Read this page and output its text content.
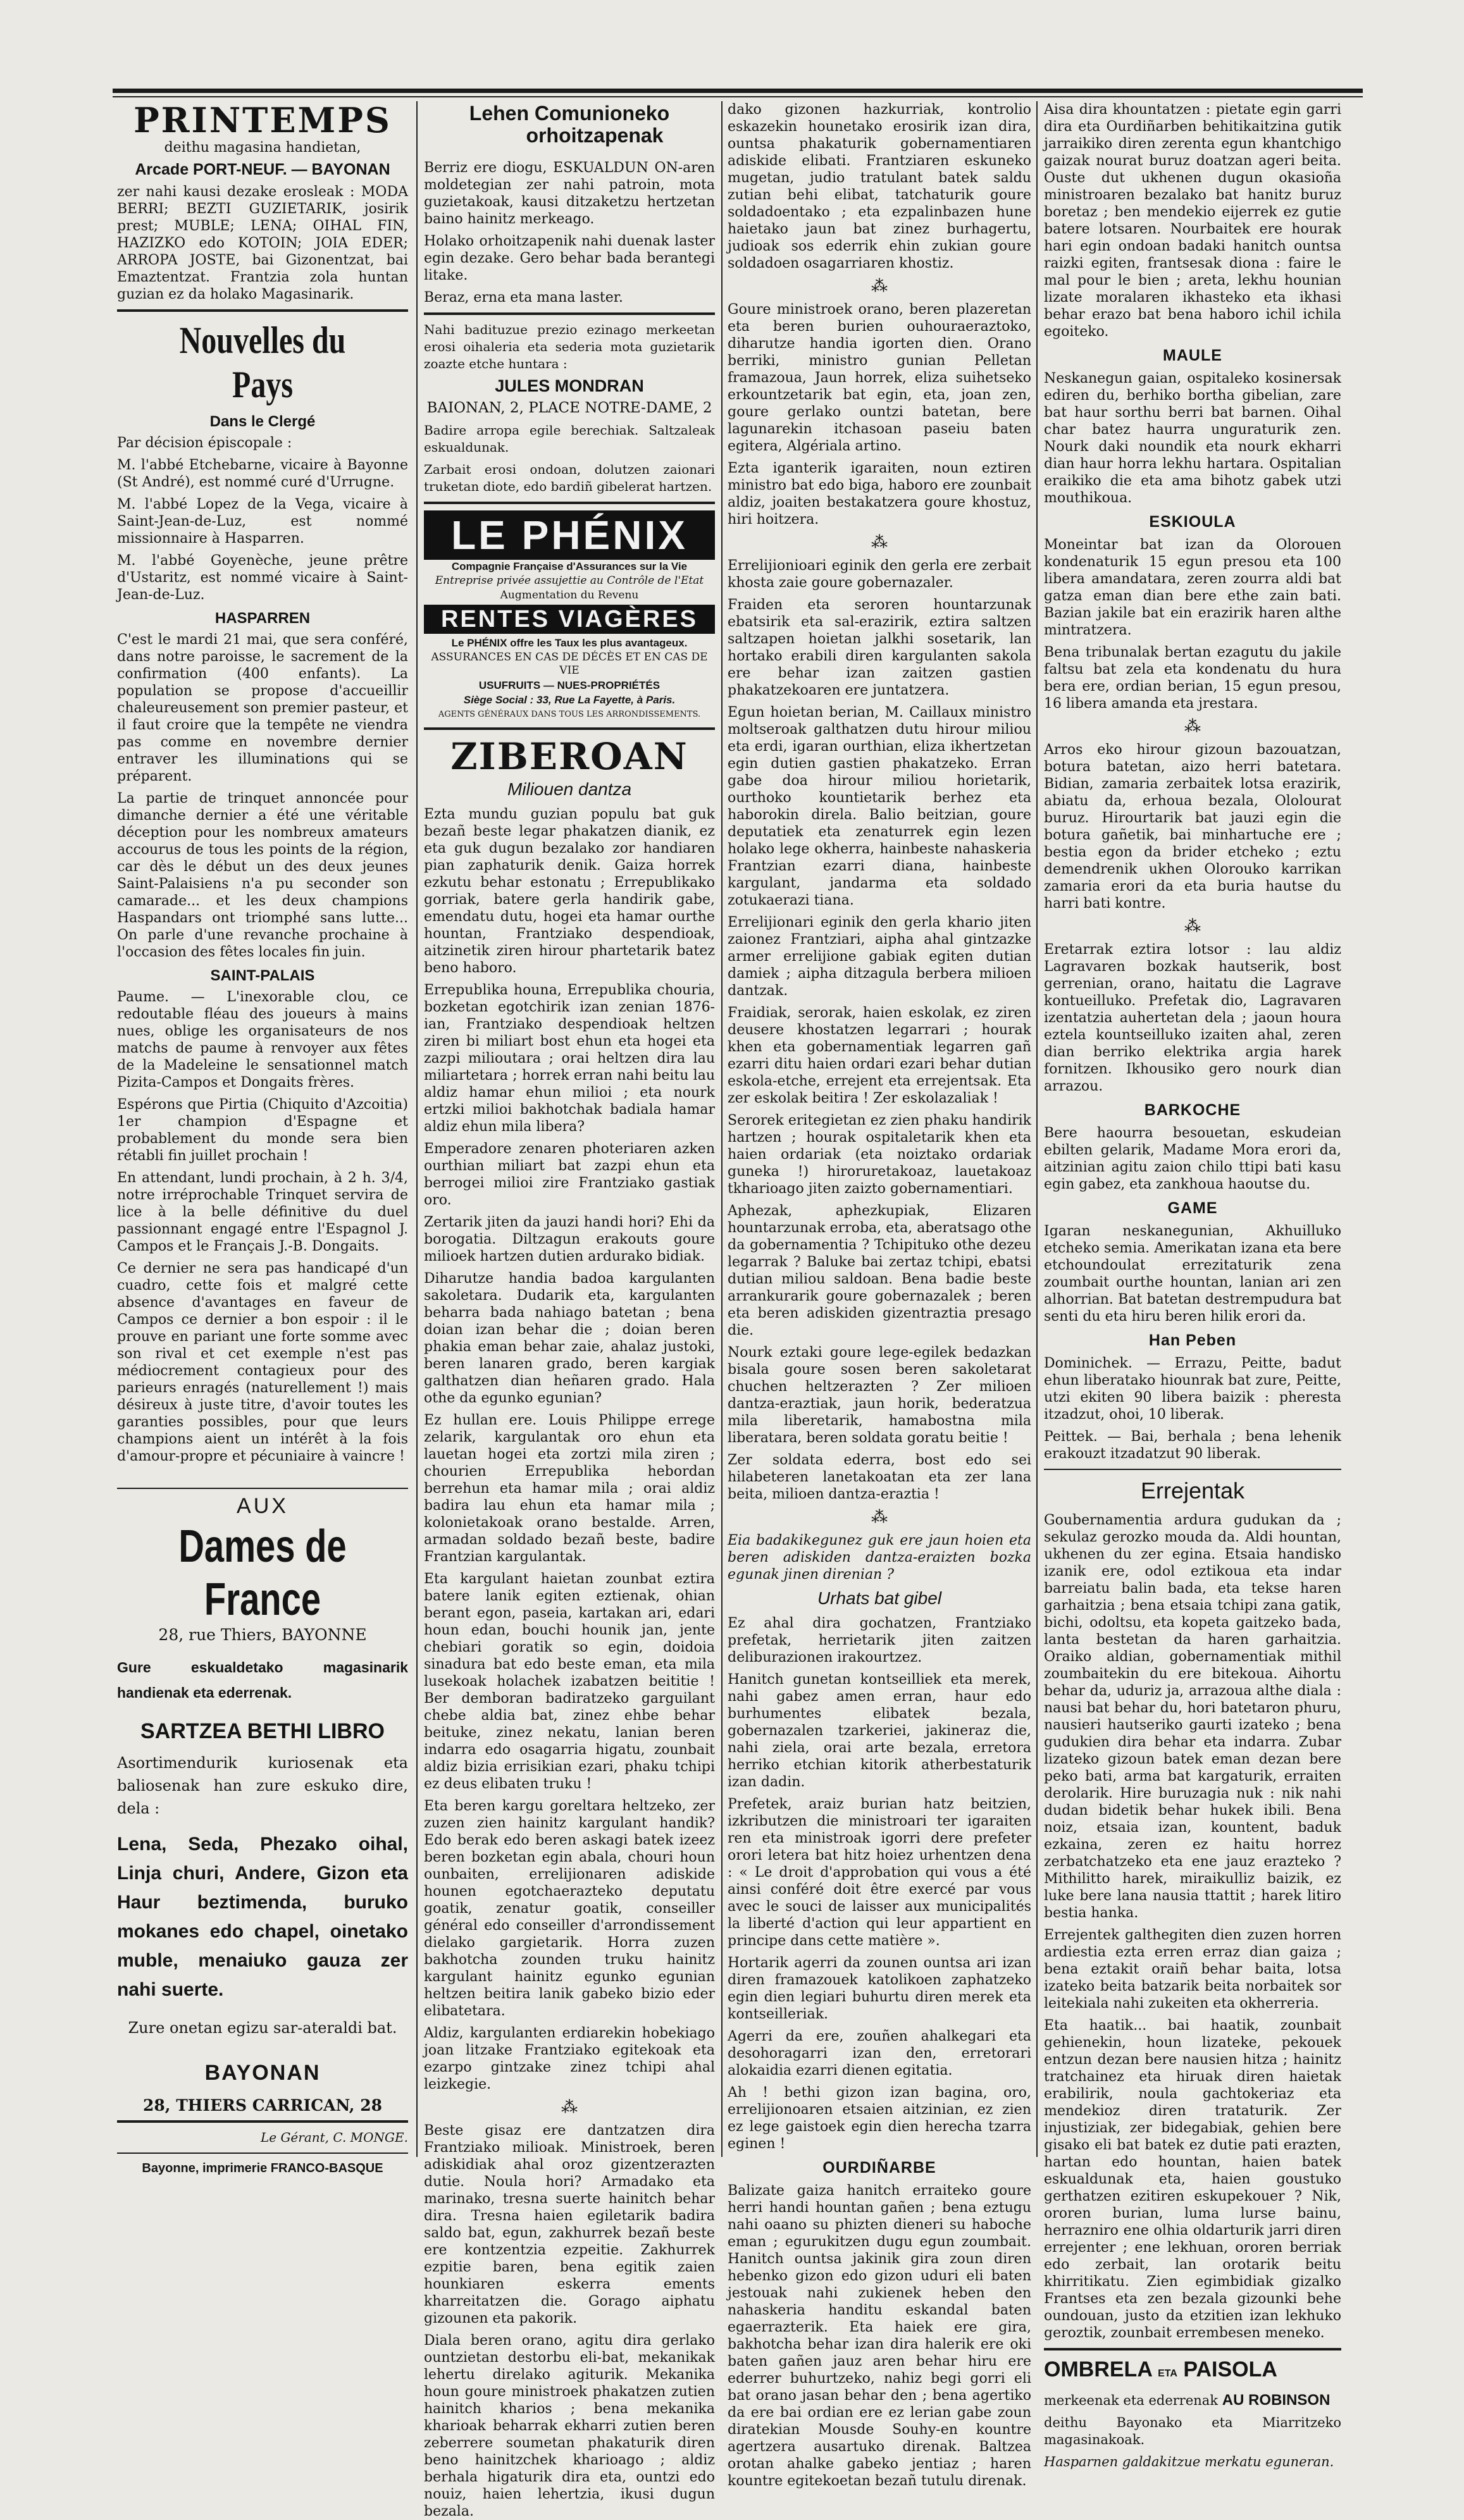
PRINTEMPS

deithu magasina handietan,

Arcade PORT-NEUF. — BAYONAN

zer nahi kausi dezake erosleak : MODA BERRI; BEZTI GUZIETARIK, josirik prest; MUBLE; LENA; OIHAL FIN, HAZIZKO edo KOTOIN; JOIA EDER; ARROPA JOSTE, bai Gizonentzat, bai Emaztentzat. Frantzia zola huntan guzian ez da holako Magasinarik.

Nouvelles du Pays
Dans le Clergé

Par décision épiscopale :

M. l'abbé Etchebarne, vicaire à Bayonne (St André), est nommé curé d'Urrugne.

M. l'abbé Lopez de la Vega, vicaire à Saint-Jean-de-Luz, est nommé missionnaire à Hasparren.

M. l'abbé Goyenèche, jeune prêtre d'Ustaritz, est nommé vicaire à Saint-Jean-de-Luz.

HASPARREN

C'est le mardi 21 mai, que sera conféré, dans notre paroisse, le sacrement de la confirmation (400 enfants). La population se propose d'accueillir chaleureusement son premier pasteur, et il faut croire que la tempête ne viendra pas comme en novembre dernier entraver les illuminations qui se préparent.

La partie de trinquet annoncée pour dimanche dernier a été une véritable déception pour les nombreux amateurs accourus de tous les points de la région, car dès le début un des deux jeunes Saint-Palaisiens n'a pu seconder son camarade... et les deux champions Haspandars ont triomphé sans lutte... On parle d'une revanche prochaine à l'occasion des fêtes locales fin juin.

SAINT-PALAIS

Paume. — L'inexorable clou, ce redoutable fléau des joueurs à mains nues, oblige les organisateurs de nos matchs de paume à renvoyer aux fêtes de la Madeleine le sensationnel match Pizita-Campos et Dongaits frères.

Espérons que Pirtia (Chiquito d'Azcoitia) 1er champion d'Espagne et probablement du monde sera bien rétabli fin juillet prochain !

En attendant, lundi prochain, à 2 h. 3/4, notre irréprochable Trinquet servira de lice à la belle définitive du duel passionnant engagé entre l'Espagnol J. Campos et le Français J.-B. Dongaits.

Ce dernier ne sera pas handicapé d'un cuadro, cette fois et malgré cette absence d'avantages en faveur de Campos ce dernier a bon espoir : il le prouve en pariant une forte somme avec son rival et cet exemple n'est pas médiocrement contagieux pour des parieurs enragés (naturellement !) mais désireux à juste titre, d'avoir toutes les garanties possibles, pour que leurs champions aient un intérêt à la fois d'amour-propre et pécuniaire à vaincre !

AUX

Dames de France

28, rue Thiers, BAYONNE

Gure eskualdetako magasinarik handienak eta ederrenak.

SARTZEA BETHI LIBRO

Asortimendurik kuriosenak eta baliosenak han zure eskuko dire, dela :

Lena, Seda, Phezako oihal, Linja churi, Andere, Gizon eta Haur beztimenda, buruko mokanes edo chapel, oinetako muble, menaiuko gauza zer nahi suerte.

Zure onetan egizu sar-ateraldi bat.

BAYONAN

28, THIERS CARRICAN, 28

Le Gérant, C. MONGE.

Bayonne, imprimerie FRANCO-BASQUE

Lehen Comunioneko

orhoitzapenak

Berriz ere diogu, ESKUALDUN ON-aren moldetegian zer nahi patroin, mota guzietakoak, kausi ditzaketzu hertzetan baino hainitz merkeago.

Holako orhoitzapenik nahi duenak laster egin dezake. Gero behar bada berantegi litake.

Beraz, erna eta mana laster.

Nahi badituzue prezio ezinago merkeetan erosi oihaleria eta sederia mota guzietarik zoazte etche huntara :

JULES MONDRAN

BAIONAN, 2, PLACE NOTRE-DAME, 2

Badire arropa egile berechiak. Saltzaleak eskualdunak.

Zarbait erosi ondoan, dolutzen zaionari truketan diote, edo bardiñ gibelerat hartzen.

LE PHÉNIX

Compagnie Française d'Assurances sur la Vie

Entreprise privée assujettie au Contrôle de l'Etat

Augmentation du Revenu

RENTES VIAGÈRES

Le PHÉNIX offre les Taux les plus avantageux.

ASSURANCES EN CAS DE DÉCÈS ET EN CAS DE VIE

USUFRUITS — NUES-PROPRIÉTÉS

Siège Social : 33, Rue La Fayette, à Paris.

AGENTS GÉNÉRAUX DANS TOUS LES ARRONDISSEMENTS.

ZIBEROAN
Miliouen dantza

Ezta mundu guzian populu bat guk bezañ beste legar phakatzen dianik, ez eta guk dugun bezalako zor handiaren pian zaphaturik denik. Gaiza horrek ezkutu behar estonatu ; Errepublikako gorriak, batere gerla handirik gabe, emendatu dutu, hogei eta hamar ourthe hountan, Frantziako despendioak, aitzinetik ziren hirour phartetarik batez beno haboro.

Errepublika houna, Errepublika chouria, bozketan egotchirik izan zenian 1876-ian, Frantziako despendioak heltzen ziren bi miliart bost ehun eta hogei eta zazpi milioutara ; orai heltzen dira lau miliartetara ; horrek erran nahi beitu lau aldiz hamar ehun milioi ; eta nourk ertzki milioi bakhotchak badiala hamar aldiz ehun mila libera?

Emperadore zenaren photeriaren azken ourthian miliart bat zazpi ehun eta berrogei milioi zire Frantziako gastiak oro.

Zertarik jiten da jauzi handi hori? Ehi da borogatia. Diltzagun erakouts goure milioek hartzen dutien ardurako bidiak.

Diharutze handia badoa kargulanten sakoletara. Dudarik eta, kargulanten beharra bada nahiago batetan ; bena doian izan behar die ; doian beren phakia eman behar zaie, ahalaz justoki, beren lanaren grado, beren kargiak galthatzen dian heñaren grado. Hala othe da egunko egunian?

Ez hullan ere. Louis Philippe errege zelarik, kargulantak oro ehun eta lauetan hogei eta zortzi mila ziren ; chourien Errepublika hebordan berrehun eta hamar mila ; orai aldiz badira lau ehun eta hamar mila ; kolonietakoak orano bestalde. Arren, armadan soldado bezañ beste, badire Frantzian kargulantak.

Eta kargulant haietan zounbat eztira batere lanik egiten eztienak, ohian berant egon, paseia, kartakan ari, edari houn edan, bouchi hounik jan, jente chebiari goratik so egin, doidoia sinadura bat edo beste eman, eta mila lusekoak holachek izabatzen beititie ! Ber demboran badiratzeko garguilant chebe aldia bat, zinez ehbe behar beituke, zinez nekatu, lanian beren indarra edo osagarria higatu, zounbait aldiz bizia errisikian ezari, phaku tchipi ez deus elibaten truku !

Eta beren kargu goreltara heltzeko, zer zuzen zien hainitz kargulant handik? Edo berak edo beren askagi batek izeez beren bozketan egin abala, chouri houn ounbaiten, errelijionaren adiskide hounen egotchaerazteko deputatu goatik, zenatur goatik, conseiller général edo conseiller d'arrondissement dielako gargietarik. Horra zuzen bakhotcha zounden truku hainitz kargulant hainitz egunko egunian heltzen beitira lanik gabeko bizio eder elibatetara.

Aldiz, kargulanten erdiarekin hobekiago joan litzake Frantziako egitekoak eta ezarpo gintzake zinez tchipi ahal leizkegie.

⁂

Beste gisaz ere dantzatzen dira Frantziako milioak. Ministroek, beren adiskidiak ahal oroz gizentzerazten dutie. Noula hori? Armadako eta marinako, tresna suerte hainitch behar dira. Tresna haien egiletarik badira saldo bat, egun, zakhurrek bezañ beste ere kontzentzia ezpeitie. Zakhurrek ezpitie baren, bena egitik zaien hounkiaren eskerra ements kharreitatzen die. Gorago aiphatu gizounen eta pakorik.

Diala beren orano, agitu dira gerlako ountzietan destorbu eli-bat, mekanikak lehertu direlako agiturik. Mekanika houn goure ministroek phakatzen zutien hainitch kharios ; bena mekanika kharioak beharrak ekharri zutien beren zeberrere soumetan phakaturik diren beno hainitzchek kharioago ; aldiz berhala higaturik dira eta, ountzi edo nouiz, haien lehertzia, ikusi dugun bezala.

dako gizonen hazkurriak, kontrolio eskazekin hounetako erosirik izan dira, ountsa phakaturik gobernamentiaren adiskide elibati. Frantziaren eskuneko mugetan, judio tratulant batek saldu zutian behi elibat, tatchaturik goure soldadoentako ; eta ezpalinbazen hune haietako jaun bat zinez burhagertu, judioak sos ederrik ehin zukian goure soldadoen osagarriaren khostiz.

⁂

Goure ministroek orano, beren plazeretan eta beren burien ouhouraeraztoko, diharutze handia igorten dien. Orano berriki, ministro gunian Pelletan framazoua, Jaun horrek, eliza suihetseko erkountzetarik bat egin, eta, joan zen, goure gerlako ountzi batetan, bere lagunarekin itchasoan paseiu baten egitera, Algériala artino.

Ezta iganterik igaraiten, noun eztiren ministro bat edo biga, haboro ere zounbait aldiz, joaiten bestakatzera goure khostuz, hiri hoitzera.

⁂

Errelijionioari eginik den gerla ere zerbait khosta zaie goure gobernazaler.

Fraiden eta seroren hountarzunak ebatsirik eta sal-erazirik, eztira saltzen saltzapen hoietan jalkhi sosetarik, lan hortako erabili diren kargulanten sakola ere behar izan zaitzen gastien phakatzekoaren ere juntatzera.

Egun hoietan berian, M. Caillaux ministro moltseroak galthatzen dutu hirour miliou eta erdi, igaran ourthian, eliza ikhertzetan egin dutien gastien phakatzeko. Erran gabe doa hirour miliou horietarik, ourthoko kountietarik berhez eta haborokin direla. Balio beitzian, goure deputatiek eta zenaturrek egin lezen holako lege okherra, hainbeste nahaskeria Frantzian ezarri diana, hainbeste kargulant, jandarma eta soldado zotukaerazi tiana.

Errelijionari eginik den gerla khario jiten zaionez Frantziari, aipha ahal gintzazke armer errelijione gabiak egiten dutian damiek ; aipha ditzagula berbera milioen dantzak.

Fraidiak, serorak, haien eskolak, ez ziren deusere khostatzen legarrari ; hourak khen eta gobernamentiak legarren gañ ezarri ditu haien ordari ezari behar dutian eskola-etche, errejent eta errejentsak. Eta zer eskolak beitira ! Zer eskolazaliak !

Serorek eritegietan ez zien phaku handirik hartzen ; hourak ospitaletarik khen eta haien ordariak (eta noiztako ordariak guneka !) hiroruretakoaz, lauetakoaz tkharioago jiten zaiztο gobernamentiari.

Aphezak, aphezkupiak, Elizaren hountarzunak erroba, eta, aberatsago othe da gobernamentia ? Tchipituko othe dezeu legarrak ? Baluke bai zertaz tchipi, ebatsi dutian miliou saldoan. Bena badie beste arrankurarik goure gobernazalek ; beren eta beren adiskiden gizentraztia presago die.

Nourk eztaki goure lege-egilek bedazkan bisala goure sosen beren sakoletarat chuchen heltzerazten ? Zer milioen dantza-eraztiak, jaun horik, bederatzua mila liberetarik, hamabostna mila liberatara, beren soldata goratu beitie !

Zer soldata ederra, bost edo sei hilabeteren lanetakoatan eta zer lana beita, milioen dantza-eraztia !

⁂

Eia badakikegunez guk ere jaun hoien eta beren adiskiden dantza-eraizten bozka egunak jinen direnian ?

Urhats bat gibel

Ez ahal dira gochatzen, Frantziako prefetak, herrietarik jiten zaitzen deliburazionen irakourtzez.

Hanitch gunetan kontseilliek eta merek, nahi gabez amen erran, haur edo burhumentes elibatek bezala, gobernazalen tzarkeriei, jakineraz die, nahi ziela, orai arte bezala, erretora herriko etchian kitorik atherbestaturik izan dadin.

Prefetek, araiz burian hatz beitzien, izkributzen die ministroari ter igaraiten ren eta ministroak igorri dere prefeter orori letera bat hitz hoiez urhentzen dena : « Le droit d'approbation qui vous a été ainsi conféré doit être exercé par vous avec le souci de laisser aux municipalités la liberté d'action qui leur appartient en principe dans cette matière ».

Hortarik agerri da zounen ountsa ari izan diren framazouek katolikoen zaphatzeko egin dien legiari buhurtu diren merek eta kontseilleriak.

Agerri da ere, zouñen ahalkegari eta desohoragarri izan den, erretorari alokaidia ezarri dienen egitatia.

Ah ! bethi gizon izan bagina, oro, errelijionoaren etsaien aitzinian, ez zien ez lege gaistoek egin dien herecha tzarra eginen !

OURDIÑARBE

Balizate gaiza hanitch erraiteko goure herri handi hountan gañen ; bena eztugu nahi oaano su phizten dieneri su haboche eman ; egurukitzen dugu egun zoumbait. Hanitch ountsa jakinik gira zoun diren hebenko gizon edo gizon uduri eli baten jestouak nahi zukienek heben den nahaskeria handitu eskandal baten egaerrazterik. Eta haiek ere gira, bakhotcha behar izan dira halerik ere oki baten gañen jauz aren behar hiru ere ederrer buhurtzeko, nahiz begi gorri eli bat orano jasan behar den ; bena agertiko da ere bai ordian ere ez lerian gabe zoun diratekian Mousde Souhy-en kountre agertzera ausartuko direnak. Baltzea orotan ahalke gabeko jentiaz ; haren kountre egitekoetan bezañ tutulu direnak.

Aisa dira khountatzen : pietate egin garri dira eta Ourdiñarben behitikaitzina gutik jarraikiko diren zerenta egun khantchigo gaizak nourat buruz doatzan ageri beita. Ouste dut ukhenen dugun okasioña ministroaren bezalako bat hanitz buruz boretaz ; ben mendekio eijerrek ez gutie batere lotsaren. Nourbaitek ere hourak hari egin ondoan badaki hanitch ountsa raizki egiten, frantsesak diona : faire le mal pour le bien ; areta, lekhu hounian lizate moralaren ikhasteko eta ikhasi behar erazo bat bena haboro ichil ichila egoiteko.

MAULE

Neskanegun gaian, ospitaleko kosinersak ediren du, berhiko bortha gibelian, zare bat haur sorthu berri bat barnen. Oihal char batez haurra unguraturik zen. Nourk daki noundik eta nourk ekharri dian haur horra lekhu hartara. Ospitalian eraikiko die eta ama bihotz gabek utzi mouthikoua.

ESKIOULA

Moneintar bat izan da Olorouen kondenaturik 15 egun presou eta 100 libera amandatara, zeren zourra aldi bat gatza eman dian bere ethe zain bati. Bazian jakile bat ein erazirik haren althe mintratzera.

Bena tribunalak bertan ezagutu du jakile faltsu bat zela eta kondenatu du hura bera ere, ordian berian, 15 egun presou, 16 libera amanda eta jrestara.

⁂

Arros eko hirour gizoun bazouatzan, botura batetan, aizo herri batetara. Bidian, zamaria zerbaitek lotsa erazirik, abiatu da, erhoua bezala, Ololourat buruz. Hirourtarik bat jauzi egin die botura gañetik, bai minhartuche ere ; bestia egon da brider etcheko ; eztu demendrenik ukhen Olorouko karrikan zamaria erori da eta buria hautse du harri bati kontre.

⁂

Eretarrak eztira lotsor : lau aldiz Lagravaren bozkak hautserik, bost gerrenian, orano, haitatu die Lagrave kontueilluko. Prefetak dio, Lagravaren izentatzia auhertetan dela ; jaoun houra eztela kountseilluko izaiten ahal, zeren dian berriko elektrika argia harek fornitzen. Ikhousiko gero nourk dian arrazou.

BARKOCHE

Bere haourra besouetan, eskudeian ebilten gelarik, Madame Mora erori da, aitzinian agitu zaion chilo ttipi bati kasu egin gabez, eta zankhoua haoutse du.

GAME

Igaran neskanegunian, Akhuilluko etcheko semia. Amerikatan izana eta bere etchoundoulat errezitaturik zena zoumbait ourthe hountan, lanian ari zen alhorrian. Bat batetan destrempudura bat senti du eta hiru beren hilik erori da.

Han Peben

Dominichek. — Errazu, Peitte, badut ehun liberatako hiounrak bat zure, Peitte, utzi ekiten 90 libera baizik : pheresta itzadzut, ohoi, 10 liberak.

Peittek. — Bai, berhala ; bena lehenik erakouzt itzadatzut 90 liberak.

Errejentak

Goubernamentia ardura gudukan da ; sekulaz gerozko mouda da. Aldi hountan, ukhenen du zer egina. Etsaia handisko izanik ere, odol eztikoua eta indar barreiatu balin bada, eta tekse haren garhaitzia ; bena etsaia tchipi zana gatik, bichi, odoltsu, eta kopeta gaitzeko bada, lanta bestetan da haren garhaitzia. Oraiko aldian, gobernamentiak mithil zoumbaitekin du ere bitekoua. Aihortu behar da, uduriz ja, arrazoua althe diala : nausi bat behar du, hori batetaron phuru, nausieri hautseriko gaurti izateko ; bena gudukien dira behar eta indarra. Zubar lizateko gizoun batek eman dezan bere peko bati, arma bat kargaturik, erraiten derolarik. Hire buruzagia nuk : nik nahi dudan bidetik behar hukek ibili. Bena noiz, etsaia izan, kountent, baduk ezkaina, zeren ez haitu horrez zerbatchatzeko eta ene jauz erazteko ? Mithilitto harek, miraikulliz baizik, ez luke bere lana nausia ttattit ; harek litiro bestia hanka.

Errejentek galthegiten dien zuzen horren ardiestia ezta erren erraz dian gaiza ; bena eztakit oraiñ behar baita, lotsa izateko beita batzarik beita norbaitek sor leitekiala nahi zukeiten eta okherreria.

Eta haatik... bai haatik, zounbait gehienekin, houn lizateke, pekouek entzun dezan bere nausien hitza ; hainitz tratchainez eta hiruak diren haietak erabilirik, noula gachtokeriaz eta mendekioz diren trataturik. Zer injustiziak, zer bidegabiak, gehien bere gisako eli bat batek ez dutie pati erazten, hartan edo hountan, haien batek eskualdunak eta, haien goustuko gerthatzen ezitiren eskupekouer ? Nik, ororen burian, luma lurse bainu, herrazniro ene olhia oldarturik jarri diren errejenter ; ene lekhuan, ororen berriak edo zerbait, lan orotarik beitu khirritikatu. Zien egimbidiak gizalko Frantses eta zen bezala gizounki behe oundouan, justo da etzitien izan lekhuko geroztik, zounbait errembesen meneko.

OMBRELA ETA PAISOLA

merkeenak eta ederrenak AU ROBINSON

deithu Bayonako eta Miarritzeko magasinakoak.

Hasparnen galdakitzue merkatu eguneran.
